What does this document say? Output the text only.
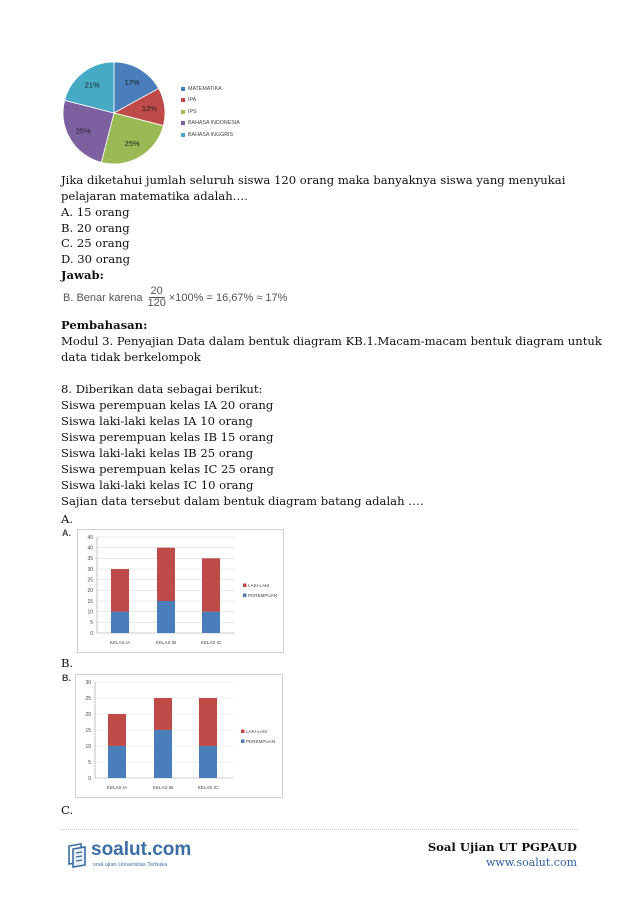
17%
12%
25%
25%
21%	MATEMATIKA
IPA
IPS
BAHASA INDONESIA
BAHASA INGGRIS
Jika diketahui jumlah seluruh siswa 120 orang maka banyaknya siswa yang menyukai
pelajaran matematika adalah….
A. 15 orang
B. 20 orang
C. 25 orang
D. 30 orang
Jawab:
B. Benar karena $\frac{20}{120} \times 100\% = 16,67\% \approx 17\%$
Pembahasan:
Modul 3. Penyajian Data dalam bentuk diagram KB.1.Macam-macam bentuk diagram untuk
data tidak berkelompok
8. Diberikan data sebagai berikut:
Siswa perempuan kelas IA 20 orang
Siswa laki-laki kelas IA 10 orang
Siswa perempuan kelas IB 15 orang
Siswa laki-laki kelas IB 25 orang
Siswa perempuan kelas IC 25 orang
Siswa laki-laki kelas IC 10 orang
Sajian data tersebut dalam bentuk diagram batang adalah ….
A.
A.
0
5
10
15
20
25
30
35
40
45
KELAS IA	KELAS IB	KELAS IC
LAKI-LAKI
PEREMPUAN
B.
B.
0
5
10
15
20
25
30
KELAS IA	KELAS IB	KELAS IC
LAKI-LAKI
PEREMPUAN
C.
soalut.com
soal ujian Universitas Terbuka
Soal Ujian UT PGPAUD
www.soalut.com
